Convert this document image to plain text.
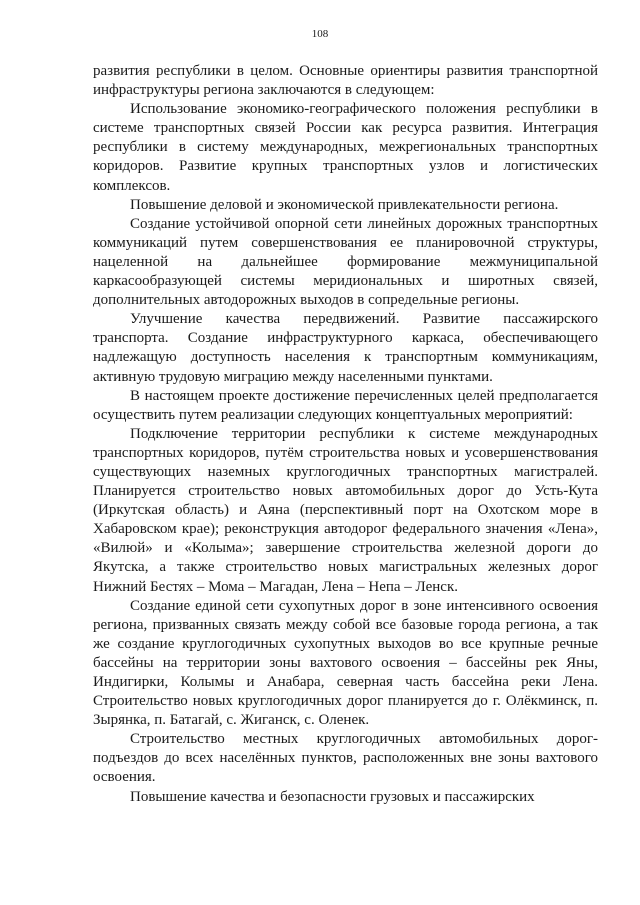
108

развития республики в целом. Основные ориентиры развития транспортной инфраструктуры региона заключаются в следующем:

Использование экономико-географического положения республики в системе транспортных связей России как ресурса развития. Интеграция республики в систему международных, межрегиональных транспортных коридоров. Развитие крупных транспортных узлов и логистических комплексов.

Повышение деловой и экономической привлекательности региона.

Создание устойчивой опорной сети линейных дорожных транспортных коммуникаций путем совершенствования ее планировочной структуры, нацеленной на дальнейшее формирование межмуниципальной каркасообразующей системы меридиональных и широтных связей, дополнительных автодорожных выходов в сопредельные регионы.

Улучшение качества передвижений. Развитие пассажирского транспорта. Создание инфраструктурного каркаса, обеспечивающего надлежащую доступность населения к транспортным коммуникациям, активную трудовую миграцию между населенными пунктами.

В настоящем проекте достижение перечисленных целей предполагается осуществить путем реализации следующих концептуальных мероприятий:

Подключение территории республики к системе международных транспортных коридоров, путём строительства новых и усовершенствования существующих наземных круглогодичных транспортных магистралей. Планируется строительство новых автомобильных дорог до Усть-Кута (Иркутская область) и Аяна (перспективный порт на Охотском море в Хабаровском крае); реконструкция автодорог федерального значения «Лена», «Вилюй» и «Колыма»; завершение строительства железной дороги до Якутска, а также строительство новых магистральных железных дорог Нижний Бестях – Мома – Магадан, Лена – Непа – Ленск.

Создание единой сети сухопутных дорог в зоне интенсивного освоения региона, призванных связать между собой все базовые города региона, а так же создание круглогодичных сухопутных выходов во все крупные речные бассейны на территории зоны вахтового освоения – бассейны рек Яны, Индигирки, Колымы и Анабара, северная часть бассейна реки Лена. Строительство новых круглогодичных дорог планируется до г. Олёкминск, п. Зырянка, п. Батагай, с. Жиганск, с. Оленек.

Строительство местных круглогодичных автомобильных дорог-подъездов до всех населённых пунктов, расположенных вне зоны вахтового освоения.

Повышение качества и безопасности грузовых и пассажирских
